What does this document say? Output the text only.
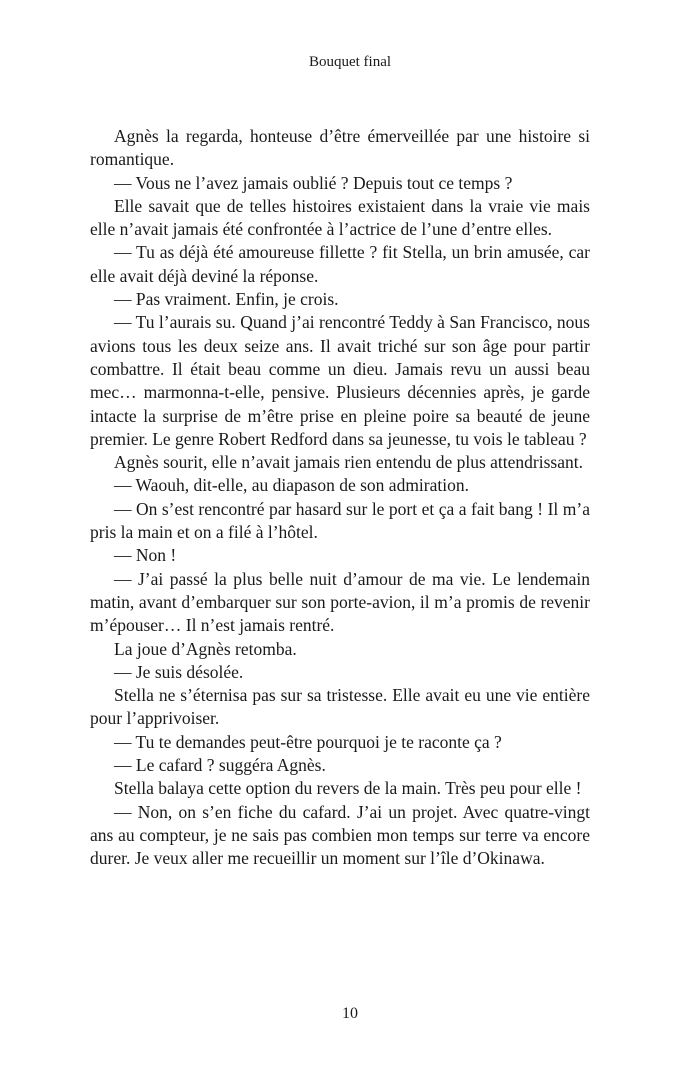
Bouquet final

Agnès la regarda, honteuse d’être émerveillée par une histoire si romantique.

— Vous ne l’avez jamais oublié ? Depuis tout ce temps ?

Elle savait que de telles histoires existaient dans la vraie vie mais elle n’avait jamais été confrontée à l’actrice de l’une d’entre elles.

— Tu as déjà été amoureuse fillette ? fit Stella, un brin amusée, car elle avait déjà deviné la réponse.

— Pas vraiment. Enfin, je crois.

— Tu l’aurais su. Quand j’ai rencontré Teddy à San Francisco, nous avions tous les deux seize ans. Il avait triché sur son âge pour partir combattre. Il était beau comme un dieu. Jamais revu un aussi beau mec… marmonna-t-elle, pensive. Plusieurs décennies après, je garde intacte la surprise de m’être prise en pleine poire sa beauté de jeune premier. Le genre Robert Redford dans sa jeunesse, tu vois le tableau ?

Agnès sourit, elle n’avait jamais rien entendu de plus attendrissant.

— Waouh, dit-elle, au diapason de son admiration.

— On s’est rencontré par hasard sur le port et ça a fait bang ! Il m’a pris la main et on a filé à l’hôtel.

— Non !

— J’ai passé la plus belle nuit d’amour de ma vie. Le lendemain matin, avant d’embarquer sur son porte-avion, il m’a promis de revenir m’épouser… Il n’est jamais rentré.

La joue d’Agnès retomba.

— Je suis désolée.

Stella ne s’éternisa pas sur sa tristesse. Elle avait eu une vie entière pour l’apprivoiser.

— Tu te demandes peut-être pourquoi je te raconte ça ?

— Le cafard ? suggéra Agnès.

Stella balaya cette option du revers de la main. Très peu pour elle !

— Non, on s’en fiche du cafard. J’ai un projet. Avec quatre-vingt ans au compteur, je ne sais pas combien mon temps sur terre va encore durer. Je veux aller me recueillir un moment sur l’île d’Okinawa.

10
